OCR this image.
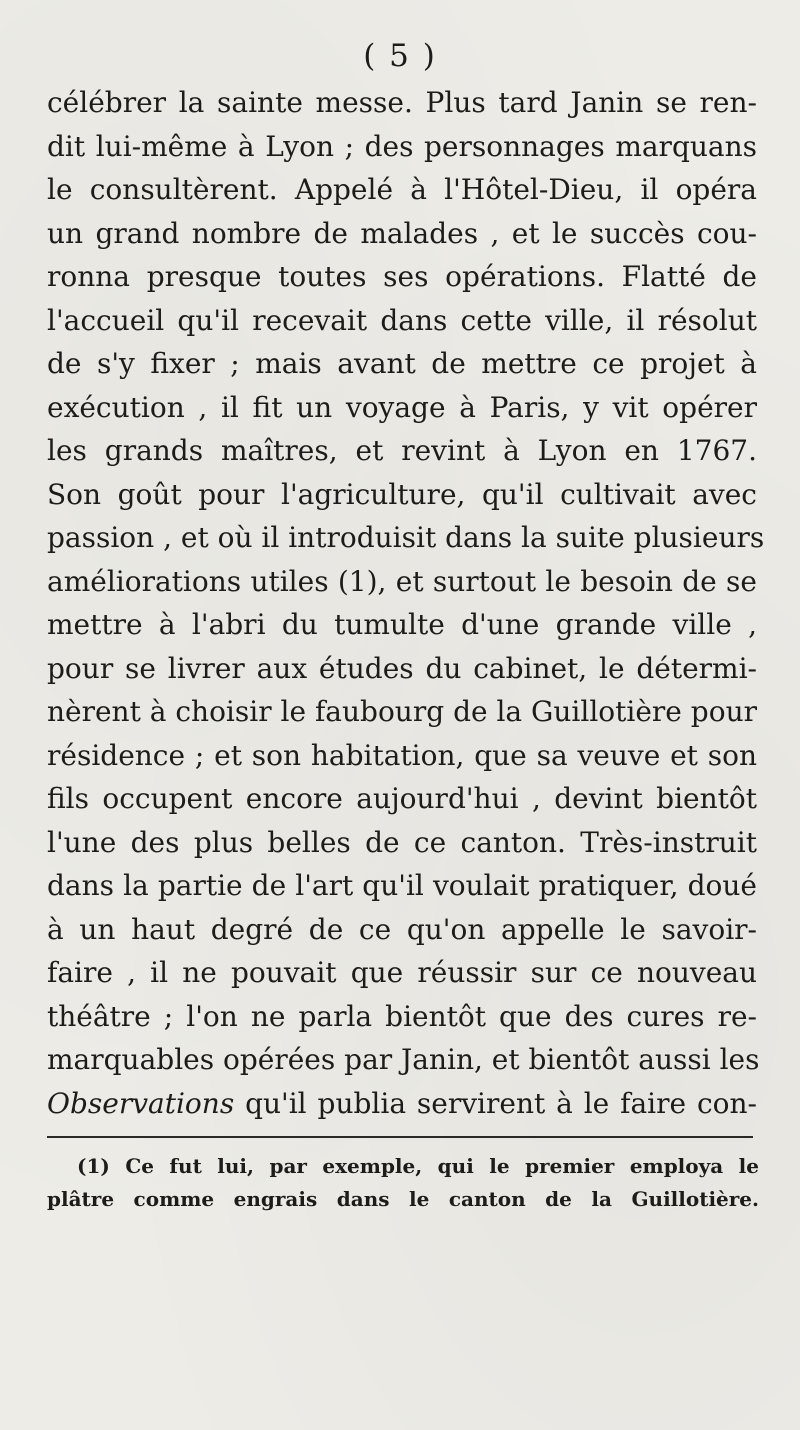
( 5 )
célébrer la sainte messe. Plus tard Janin se ren-
dit lui-même à Lyon ; des personnages marquans
le consultèrent. Appelé à l'Hôtel-Dieu, il opéra
un grand nombre de malades , et le succès cou-
ronna presque toutes ses opérations. Flatté de
l'accueil qu'il recevait dans cette ville, il résolut
de s'y fixer ; mais avant de mettre ce projet à
exécution , il fit un voyage à Paris, y vit opérer
les grands maîtres, et revint à Lyon en 1767.
Son goût pour l'agriculture, qu'il cultivait avec
passion , et où il introduisit dans la suite plusieurs
améliorations utiles (1), et surtout le besoin de se
mettre à l'abri du tumulte d'une grande ville ,
pour se livrer aux études du cabinet, le détermi-
nèrent à choisir le faubourg de la Guillotière pour
résidence ; et son habitation, que sa veuve et son
fils occupent encore aujourd'hui , devint bientôt
l'une des plus belles de ce canton. Très-instruit
dans la partie de l'art qu'il voulait pratiquer, doué
à un haut degré de ce qu'on appelle le savoir-
faire , il ne pouvait que réussir sur ce nouveau
théâtre ; l'on ne parla bientôt que des cures re-
marquables opérées par Janin, et bientôt aussi les
Observations qu'il publia servirent à le faire con-
(1) Ce fut lui, par exemple, qui le premier employa le
plâtre comme engrais dans le canton de la Guillotière.
